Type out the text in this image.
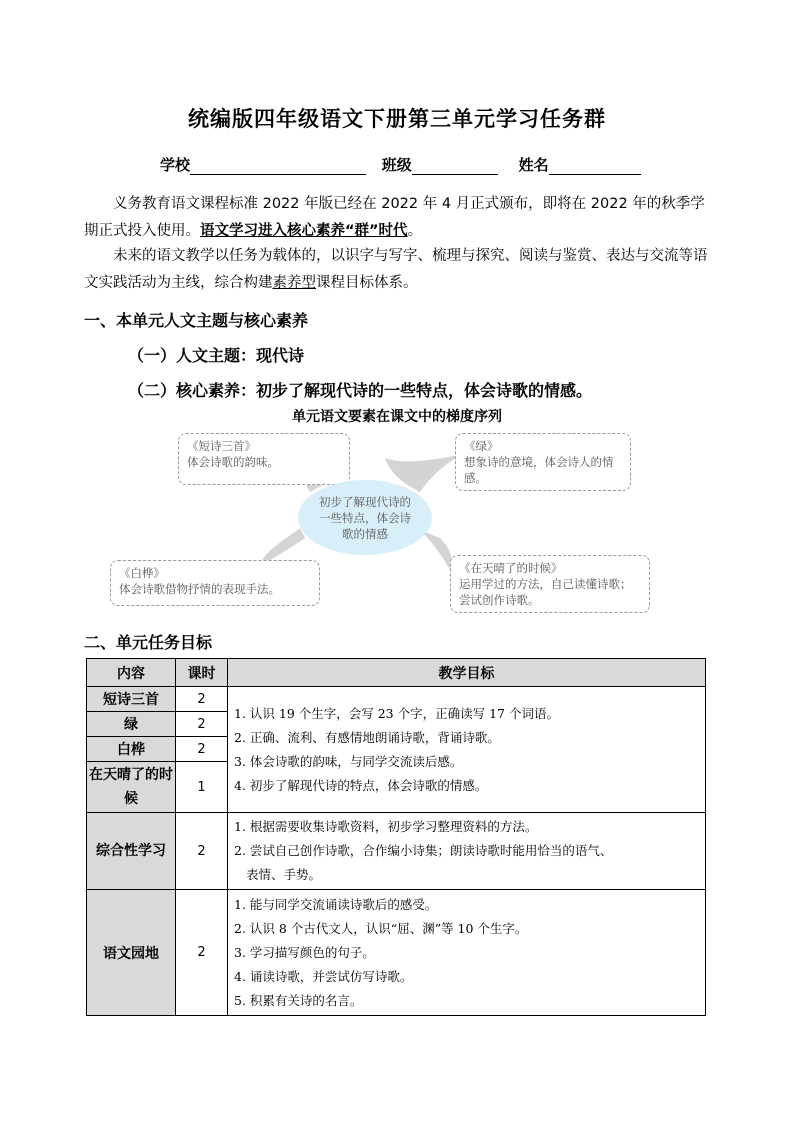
统编版四年级语文下册第三单元学习任务群
学校	班级	姓名
义务教育语文课程标准 2022 年版已经在 2022 年 4 月正式颁布，即将在 2022 年的秋季学期正式投入使用。语文学习进入核心素养“群”时代。
未来的语文教学以任务为载体的，以识字与写字、梳理与探究、阅读与鉴赏、表达与交流等语文实践活动为主线，综合构建素养型课程目标体系。
一、本单元人文主题与核心素养
（一）人文主题：现代诗
（二）核心素养：初步了解现代诗的一些特点，体会诗歌的情感。
单元语文要素在课文中的梯度序列
《短诗三首》
体会诗歌的韵味。
《绿》
想象诗的意境，体会诗人的情感。
初步了解现代诗的一些特点，体会诗歌的情感
《白桦》
体会诗歌借物抒情的表现手法。
《在天晴了的时候》
运用学过的方法，自己读懂诗歌；尝试创作诗歌。
二、单元任务目标
内容	课时	教学目标
短诗三首	2	1. 认识 19 个生字，会写 23 个字，正确读写 17 个词语。
2. 正确、流利、有感情地朗诵诗歌，背诵诗歌。
3. 体会诗歌的韵味，与同学交流读后感。
4. 初步了解现代诗的特点，体会诗歌的情感。

绿	2	
白桦	2	
在天晴了的时候	1	
综合性学习	2	1. 根据需要收集诗歌资料，初步学习整理资料的方法。
2. 尝试自己创作诗歌，合作编小诗集；朗读诗歌时能用恰当的语气、
表情、手势。

语文园地	2	1. 能与同学交流诵读诗歌后的感受。
2. 认识 8 个古代文人，认识“屈、渊”等 10 个生字。
3. 学习描写颜色的句子。
4. 诵读诗歌，并尝试仿写诗歌。
5. 积累有关诗的名言。
